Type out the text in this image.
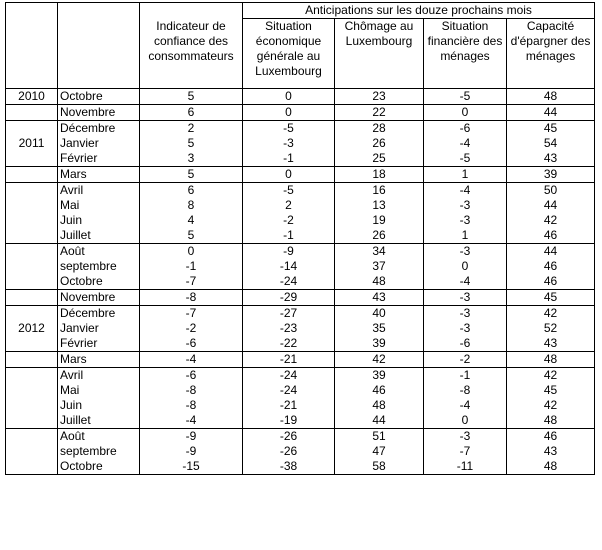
			Anticipations sur les douze prochains mois			
		Indicateur de confiance des consommateurs	Situation économique générale au Luxembourg	Chômage au Luxembourg	Situation financière des ménages	Capacité d'épargner des ménages
2010	Octobre	5	0	23	-5	48
	Novembre	6	0	22	0	44
	Décembre	2	-5	28	-6	45
2011	Janvier	5	-3	26	-4	54
	Février	3	-1	25	-5	43
	Mars	5	0	18	1	39
	Avril	6	-5	16	-4	50
	Mai	8	2	13	-3	44
	Juin	4	-2	19	-3	42
	Juillet	5	-1	26	1	46
	Août	0	-9	34	-3	44
	septembre	-1	-14	37	0	46
	Octobre	-7	-24	48	-4	46
	Novembre	-8	-29	43	-3	45
	Décembre	-7	-27	40	-3	42
2012	Janvier	-2	-23	35	-3	52
	Février	-6	-22	39	-6	43
	Mars	-4	-21	42	-2	48
	Avril	-6	-24	39	-1	42
	Mai	-8	-24	46	-8	45
	Juin	-8	-21	48	-4	42
	Juillet	-4	-19	44	0	48
	Août	-9	-26	51	-3	46
	septembre	-9	-26	47	-7	43
	Octobre	-15	-38	58	-11	48
